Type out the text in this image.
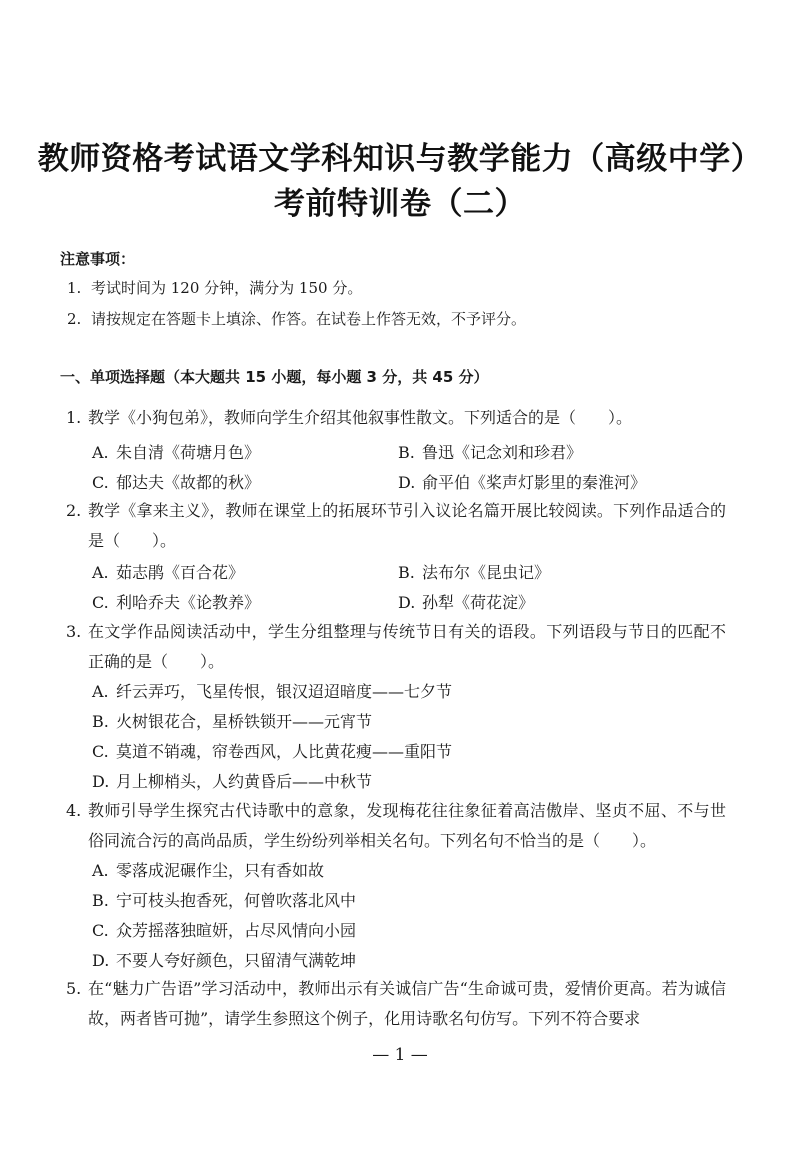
教师资格考试语文学科知识与教学能力（高级中学）
考前特训卷（二）
注意事项：
1. 考试时间为 120 分钟，满分为 150 分。
2. 请按规定在答题卡上填涂、作答。在试卷上作答无效，不予评分。
一、单项选择题（本大题共 15 小题，每小题 3 分，共 45 分）
1. 教学《小狗包弟》，教师向学生介绍其他叙事性散文。下列适合的是（　　）。
A. 朱自清《荷塘月色》	B. 鲁迅《记念刘和珍君》
C. 郁达夫《故都的秋》	D. 俞平伯《桨声灯影里的秦淮河》
2. 教学《拿来主义》，教师在课堂上的拓展环节引入议论名篇开展比较阅读。下列作品适合的是（　　）。
A. 茹志鹃《百合花》	B. 法布尔《昆虫记》
C. 利哈乔夫《论教养》	D. 孙犁《荷花淀》
3. 在文学作品阅读活动中，学生分组整理与传统节日有关的语段。下列语段与节日的匹配不正确的是（　　）。
A. 纤云弄巧，飞星传恨，银汉迢迢暗度——七夕节
B. 火树银花合，星桥铁锁开——元宵节
C. 莫道不销魂，帘卷西风，人比黄花瘦——重阳节
D. 月上柳梢头，人约黄昏后——中秋节
4. 教师引导学生探究古代诗歌中的意象，发现梅花往往象征着高洁傲岸、坚贞不屈、不与世俗同流合污的高尚品质，学生纷纷列举相关名句。下列名句不恰当的是（　　）。
A. 零落成泥碾作尘，只有香如故
B. 宁可枝头抱香死，何曾吹落北风中
C. 众芳摇落独暄妍，占尽风情向小园
D. 不要人夸好颜色，只留清气满乾坤
5. 在“魅力广告语”学习活动中，教师出示有关诚信广告“生命诚可贵，爱情价更高。若为诚信故，两者皆可抛”，请学生参照这个例子，化用诗歌名句仿写。下列不符合要求
— 1 —
